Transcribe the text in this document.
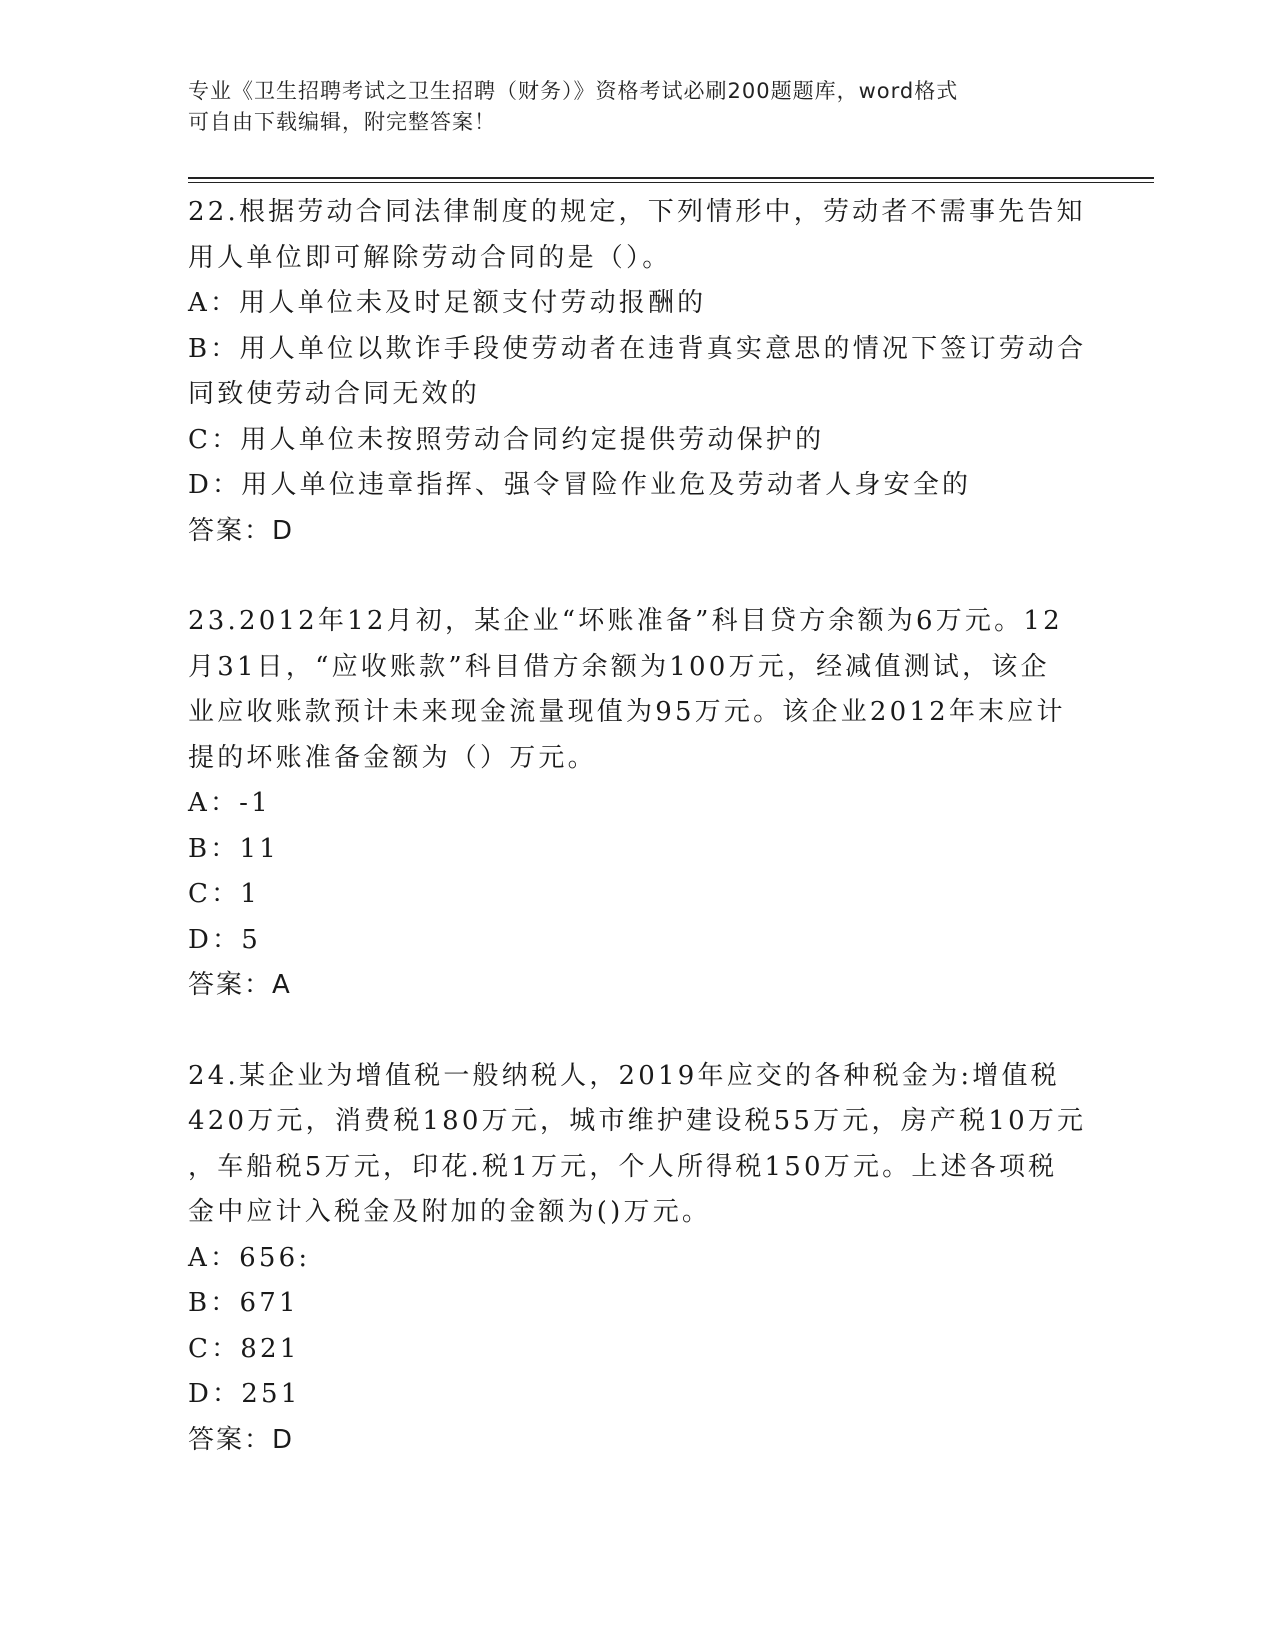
专业《卫生招聘考试之卫生招聘（财务）》资格考试必刷200题题库，word格式
可自由下载编辑，附完整答案！
22.根据劳动合同法律制度的规定，下列情形中，劳动者不需事先告知
用人单位即可解除劳动合同的是（）。
A：用人单位未及时足额支付劳动报酬的
B：用人单位以欺诈手段使劳动者在违背真实意思的情况下签订劳动合
同致使劳动合同无效的
C：用人单位未按照劳动合同约定提供劳动保护的
D：用人单位违章指挥、强令冒险作业危及劳动者人身安全的
答案：D
23.2012年12月初，某企业“坏账准备”科目贷方余额为6万元。12
月31日，“应收账款”科目借方余额为100万元，经减值测试，该企
业应收账款预计未来现金流量现值为95万元。该企业2012年末应计
提的坏账准备金额为（）万元。
A：-1
B：11
C：1
D：5
答案：A
24.某企业为增值税一般纳税人，2019年应交的各种税金为:增值税
420万元，消费税180万元，城市维护建设税55万元，房产税10万元
，车船税5万元，印花.税1万元，个人所得税150万元。上述各项税
金中应计入税金及附加的金额为()万元。
A：656:
B：671
C：821
D：251
答案：D
